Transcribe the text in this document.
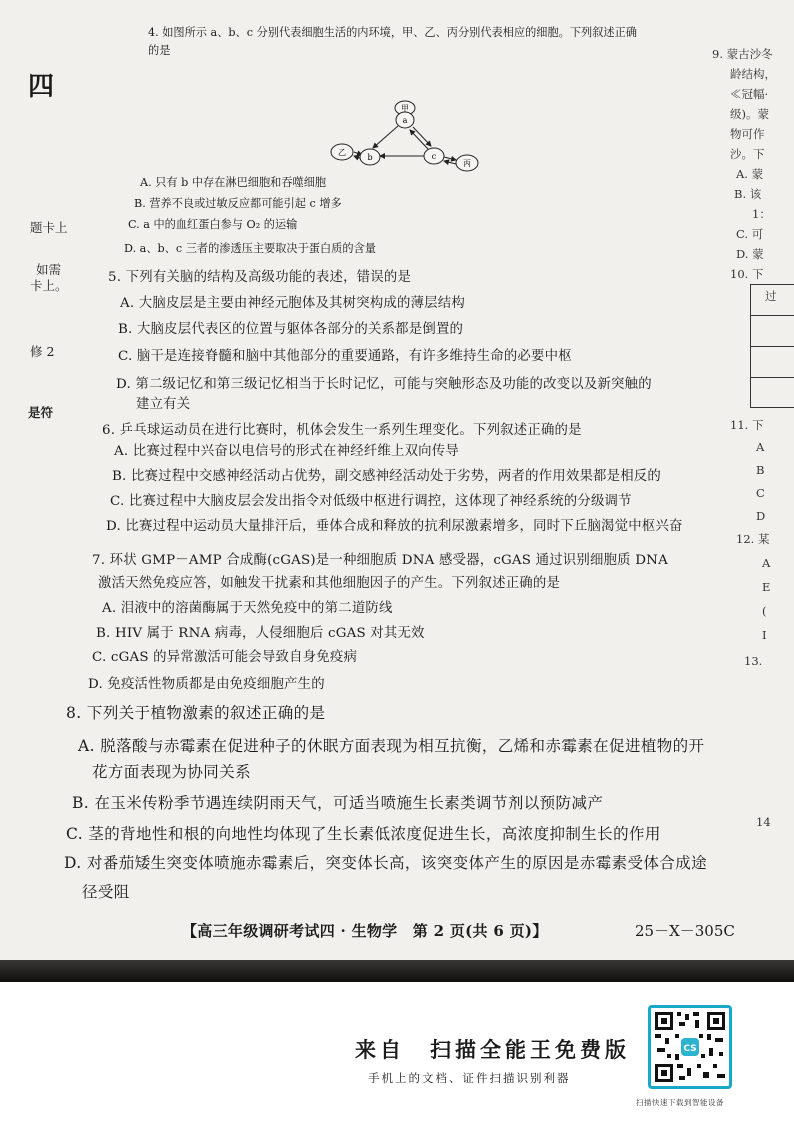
四
题卡上
如需
卡上。
修 2
是符
4. 如图所示 a、b、c 分别代表细胞生活的内环境，甲、乙、丙分别代表相应的细胞。下列叙述正确
的是
甲
a
乙
b	c
丙
A. 只有 b 中存在淋巴细胞和吞噬细胞
B. 营养不良或过敏反应都可能引起 c 增多
C. a 中的血红蛋白参与 O₂ 的运输
D. a、b、c 三者的渗透压主要取决于蛋白质的含量
5. 下列有关脑的结构及高级功能的表述，错误的是
A. 大脑皮层是主要由神经元胞体及其树突构成的薄层结构
B. 大脑皮层代表区的位置与躯体各部分的关系都是倒置的
C. 脑干是连接脊髓和脑中其他部分的重要通路，有许多维持生命的必要中枢
D. 第二级记忆和第三级记忆相当于长时记忆，可能与突触形态及功能的改变以及新突触的
建立有关
6. 乒乓球运动员在进行比赛时，机体会发生一系列生理变化。下列叙述正确的是
A. 比赛过程中兴奋以电信号的形式在神经纤维上双向传导
B. 比赛过程中交感神经活动占优势，副交感神经活动处于劣势，两者的作用效果都是相反的
C. 比赛过程中大脑皮层会发出指令对低级中枢进行调控，这体现了神经系统的分级调节
D. 比赛过程中运动员大量排汗后，垂体合成和释放的抗利尿激素增多，同时下丘脑渴觉中枢兴奋
7. 环状 GMP－AMP 合成酶(cGAS)是一种细胞质 DNA 感受器，cGAS 通过识别细胞质 DNA
激活天然免疫应答，如触发干扰素和其他细胞因子的产生。下列叙述正确的是
A. 泪液中的溶菌酶属于天然免疫中的第二道防线
B. HIV 属于 RNA 病毒，人侵细胞后 cGAS 对其无效
C. cGAS 的异常激活可能会导致自身免疫病
D. 免疫活性物质都是由免疫细胞产生的
8. 下列关于植物激素的叙述正确的是
A. 脱落酸与赤霉素在促进种子的休眠方面表现为相互抗衡，乙烯和赤霉素在促进植物的开
花方面表现为协同关系
B. 在玉米传粉季节遇连续阴雨天气，可适当喷施生长素类调节剂以预防减产
C. 茎的背地性和根的向地性均体现了生长素低浓度促进生长，高浓度抑制生长的作用
D. 对番茄矮生突变体喷施赤霉素后，突变体长高，该突变体产生的原因是赤霉素受体合成途
径受阻
【高三年级调研考试四 · 生物学　第 2 页(共 6 页)】	25－X－305C
9. 蒙古沙冬
龄结构，
≪冠幅·
级)。蒙
物可作
沙。下
A. 蒙
B. 该
1：
C. 可
D. 蒙
10. 下
过
11. 下
A
B
C
D
12. 某
A
E
(
I
13.
14
来自　扫描全能王免费版
手机上的文档、证件扫描识别利器
CS
扫描快速下载到智能设备
